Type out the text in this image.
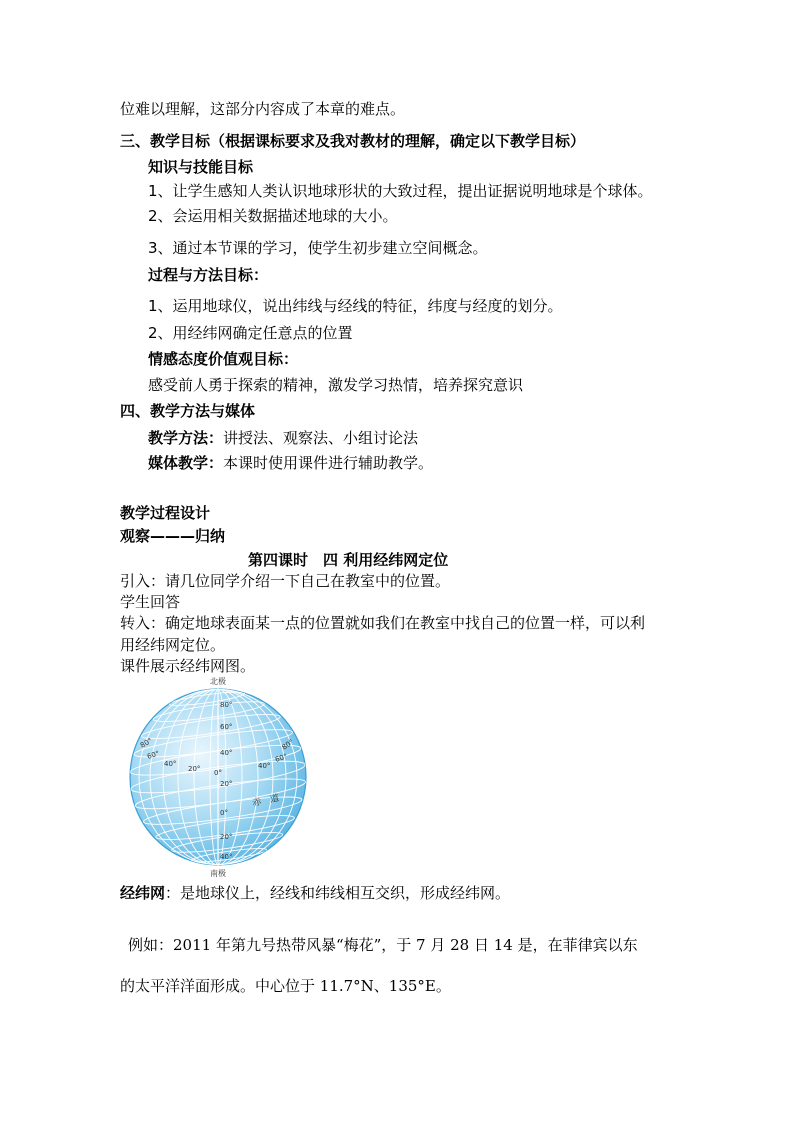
位难以理解，这部分内容成了本章的难点。
三、教学目标（根据课标要求及我对教材的理解，确定以下教学目标）
知识与技能目标
1、让学生感知人类认识地球形状的大致过程，提出证据说明地球是个球体。
2、会运用相关数据描述地球的大小。
3、通过本节课的学习，使学生初步建立空间概念。
过程与方法目标：
1、运用地球仪，说出纬线与经线的特征，纬度与经度的划分。
2、用经纬网确定任意点的位置
情感态度价值观目标：
感受前人勇于探索的精神，激发学习热情，培养探究意识
四、教学方法与媒体
教学方法：讲授法、观察法、小组讨论法
媒体教学：本课时使用课件进行辅助教学。
教学过程设计
观察———归纳
第四课时　四 利用经纬网定位
引入：请几位同学介绍一下自己在教室中的位置。
学生回答
转入：确定地球表面某一点的位置就如我们在教室中找自己的位置一样，可以利
用经纬网定位。
课件展示经纬网图。
北极
南极
赤　道
80°
60°
40°
20°
0°
20°
40°
80°
60°
40°
20° 0°
40°
60°
80°
经纬网：是地球仪上，经线和纬线相互交织，形成经纬网。
例如：2011 年第九号热带风暴“梅花”，于 7 月 28 日 14 是，在菲律宾以东
的太平洋洋面形成。中心位于 11.7°N、135°E。
